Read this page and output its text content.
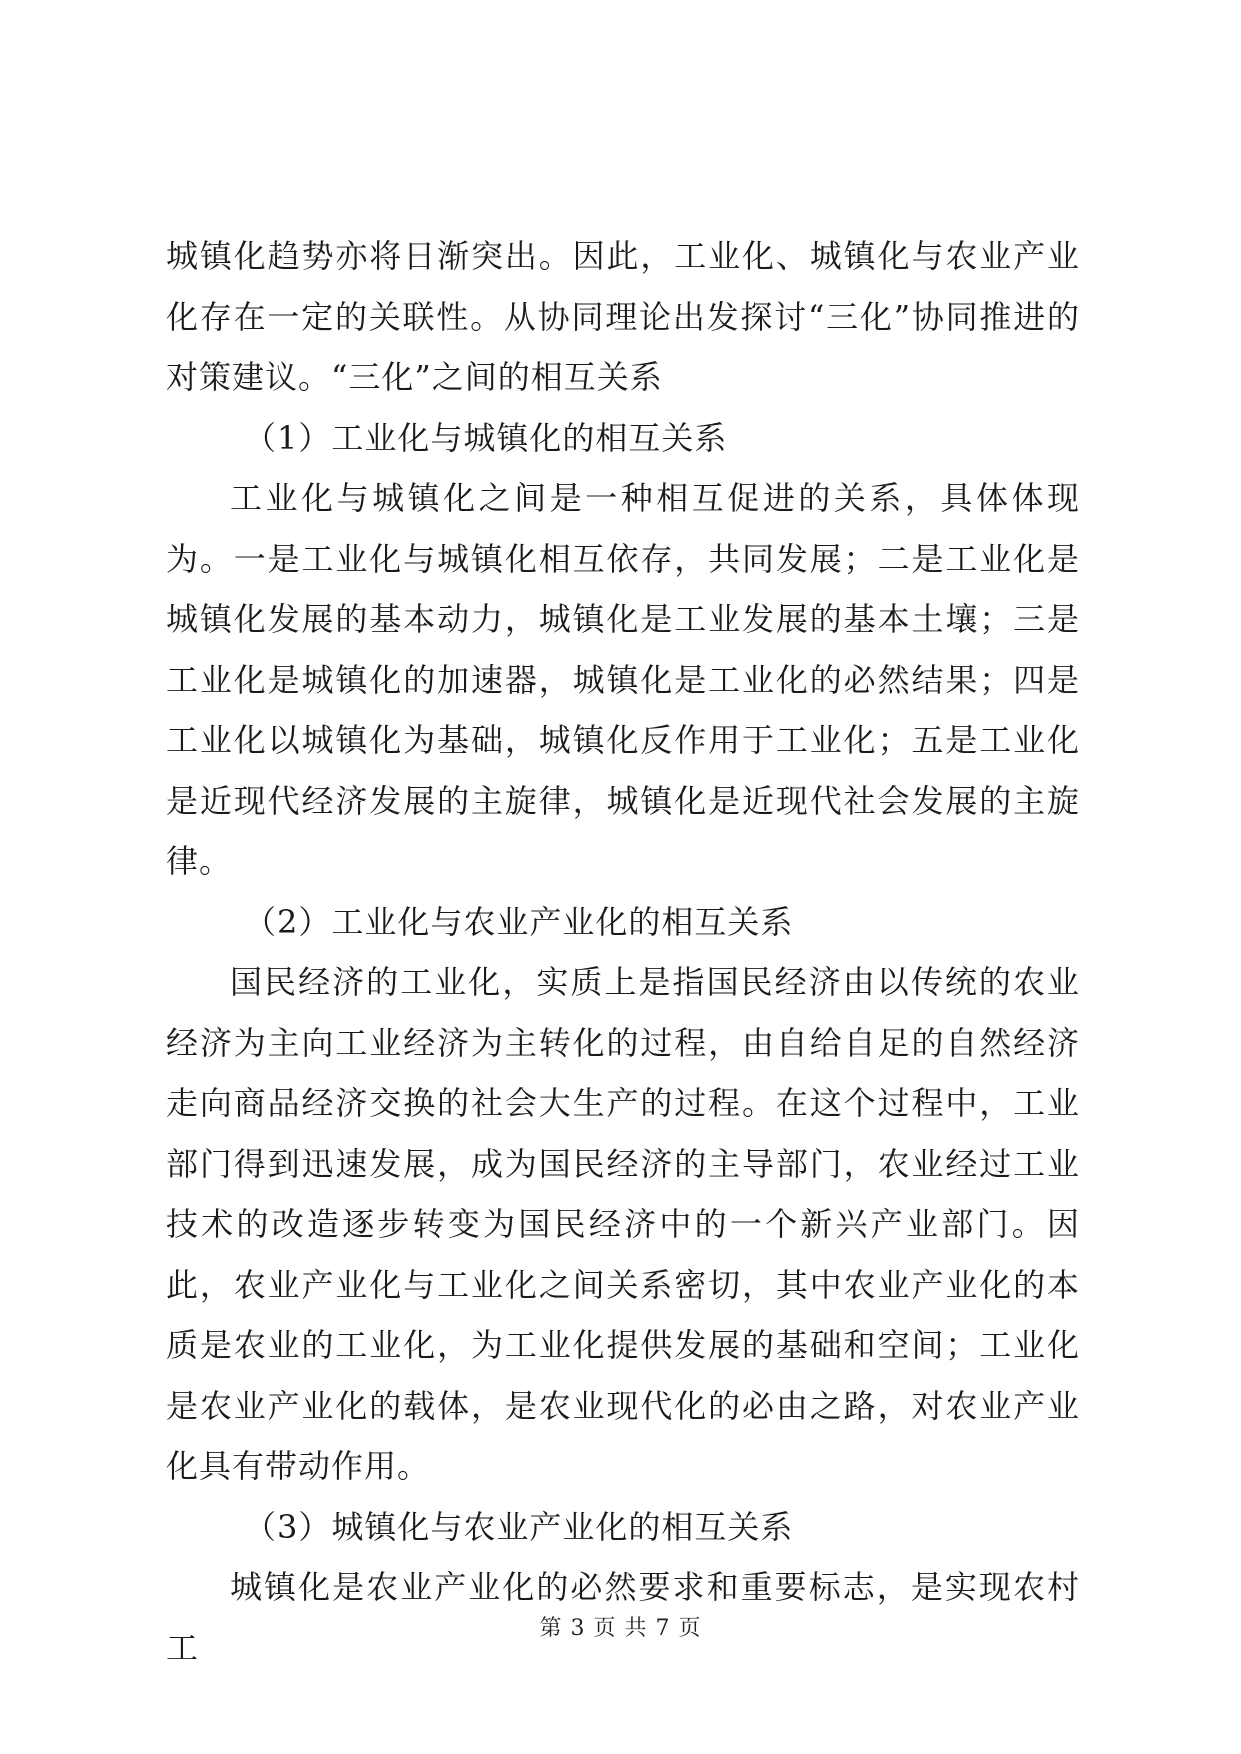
城镇化趋势亦将日渐突出。因此，工业化、城镇化与农业产业化存在一定的关联性。从协同理论出发探讨“三化”协同推进的对策建议。“三化”之间的相互关系

（1）工业化与城镇化的相互关系

工业化与城镇化之间是一种相互促进的关系，具体体现为。一是工业化与城镇化相互依存，共同发展；二是工业化是城镇化发展的基本动力，城镇化是工业发展的基本土壤；三是工业化是城镇化的加速器，城镇化是工业化的必然结果；四是工业化以城镇化为基础，城镇化反作用于工业化；五是工业化是近现代经济发展的主旋律，城镇化是近现代社会发展的主旋律。

（2）工业化与农业产业化的相互关系

国民经济的工业化，实质上是指国民经济由以传统的农业经济为主向工业经济为主转化的过程，由自给自足的自然经济走向商品经济交换的社会大生产的过程。在这个过程中，工业部门得到迅速发展，成为国民经济的主导部门，农业经过工业技术的改造逐步转变为国民经济中的一个新兴产业部门。因此，农业产业化与工业化之间关系密切，其中农业产业化的本质是农业的工业化，为工业化提供发展的基础和空间；工业化是农业产业化的载体，是农业现代化的必由之路，对农业产业化具有带动作用。

（3）城镇化与农业产业化的相互关系

城镇化是农业产业化的必然要求和重要标志，是实现农村工	第 3 页 共 7 页
